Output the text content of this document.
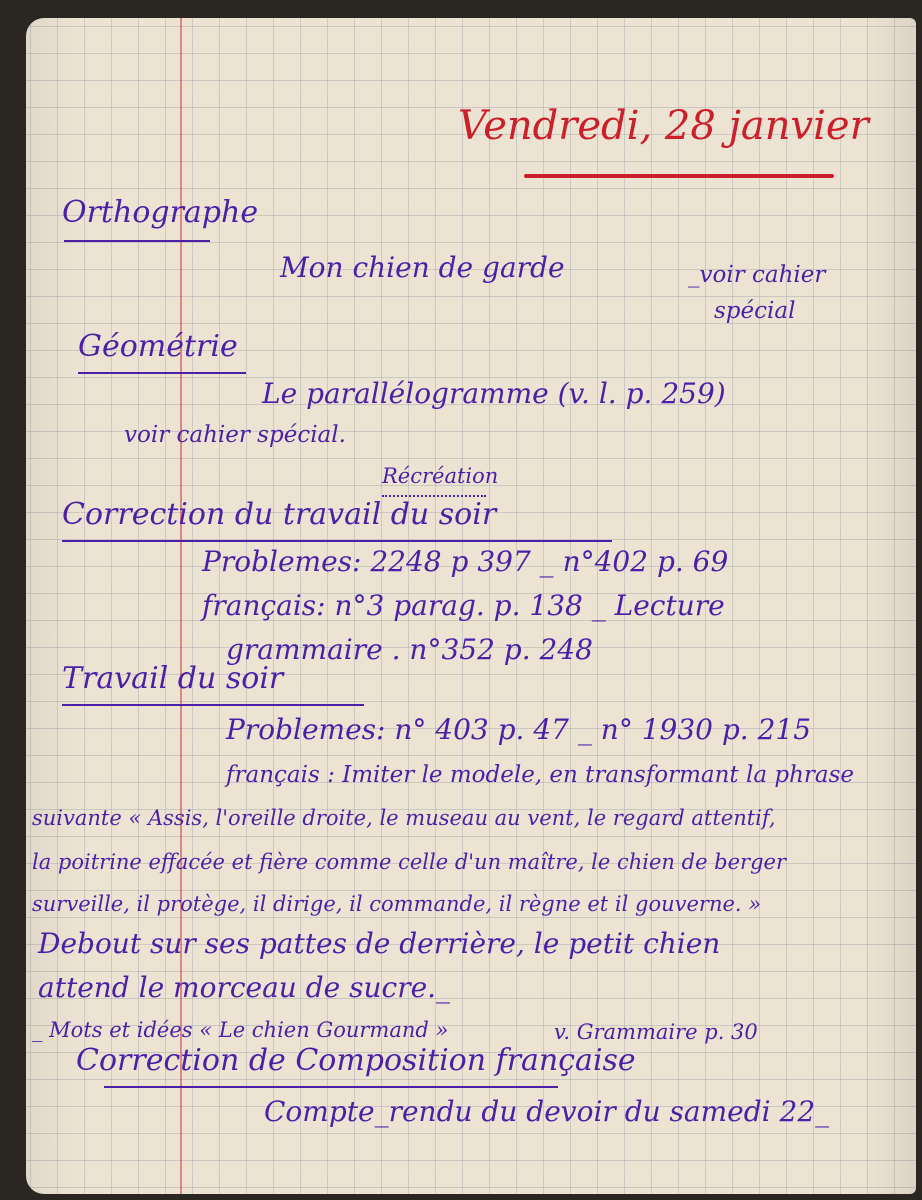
Vendredi, 28 janvier
Orthographe
Mon chien de garde	_voir cahier
spécial
Géométrie
Le parallélogramme (v. l. p. 259)
voir cahier spécial.
Récréation
Correction du travail du soir
Problemes: 2248 p 397 _ n°402 p. 69
français: n°3 parag. p. 138 _ Lecture
grammaire . n°352 p. 248
Travail du soir
Problemes: n° 403 p. 47 _ n° 1930 p. 215
français : Imiter le modele, en transformant la phrase
suivante « Assis, l'oreille droite, le museau au vent, le regard attentif,
la poitrine effacée et fière comme celle d'un maître, le chien de berger
surveille, il protège, il dirige, il commande, il règne et il gouverne. »
Debout sur ses pattes de derrière, le petit chien
attend le morceau de sucre._
_ Mots et idées « Le chien Gourmand »	v. Grammaire p. 30
Correction de Composition française
Compte_rendu du devoir du samedi 22_
